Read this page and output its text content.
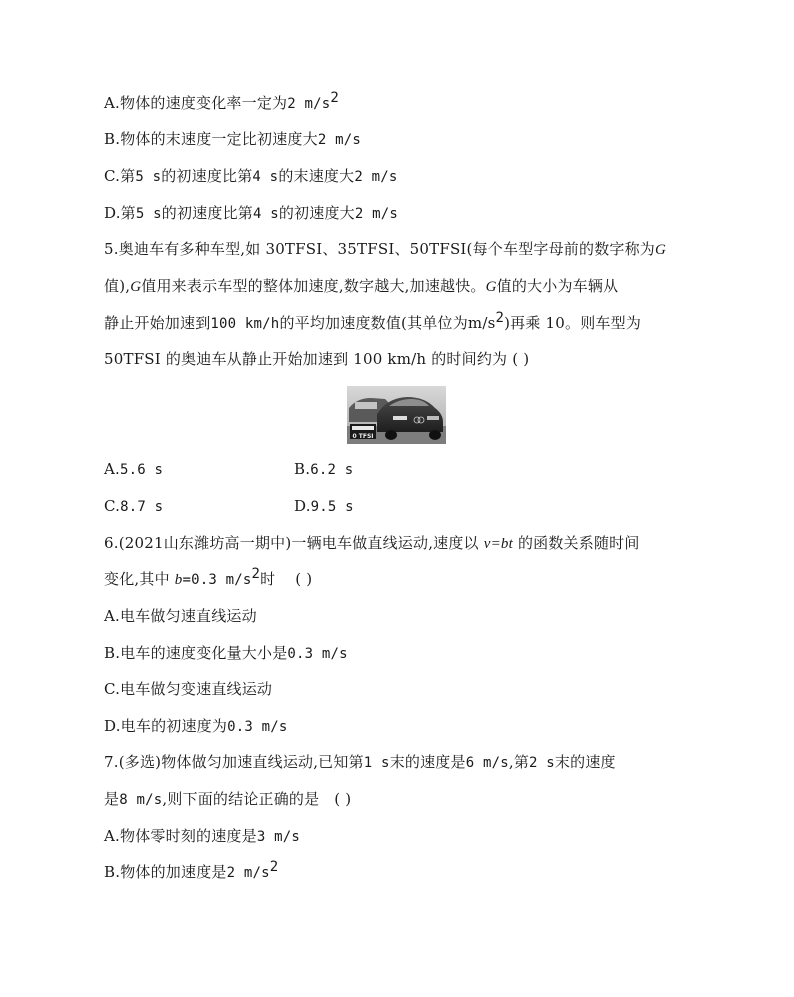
A.物体的速度变化率一定为2 $m/s^2$
B.物体的末速度一定比初速度大2 m/s
C.第5 s的初速度比第4 s的末速度大2 m/s
D.第5 s的初速度比第4 s的初速度大2 m/s
5.奥迪车有多种车型,如 30TFSI、35TFSI、50TFSI(每个车型字母前的数字称为G
值),G值用来表示车型的整体加速度,数字越大,加速越快。G值的大小为车辆从
静止开始加速到100 km/h的平均加速度数值(其单位为$m/s^2$)再乘 10。则车型为
50TFSI 的奥迪车从静止开始加速到 100 km/h 的时间约为 ( )
0 TFSI
A.5.6 s	B.6.2 s
C.8.7 s	D.9.5 s
6.(2021山东潍坊高一期中)一辆电车做直线运动,速度以 v=bt 的函数关系随时间
变化,其中 b=0.3 $m/s^2$时 ( )
A.电车做匀速直线运动
B.电车的速度变化量大小是0.3 m/s
C.电车做匀变速直线运动
D.电车的初速度为0.3 m/s
7.(多选)物体做匀加速直线运动,已知第1 s末的速度是6 m/s,第2 s末的速度
是8 m/s,则下面的结论正确的是 ( )
A.物体零时刻的速度是3 m/s
B.物体的加速度是2 $m/s^2$
